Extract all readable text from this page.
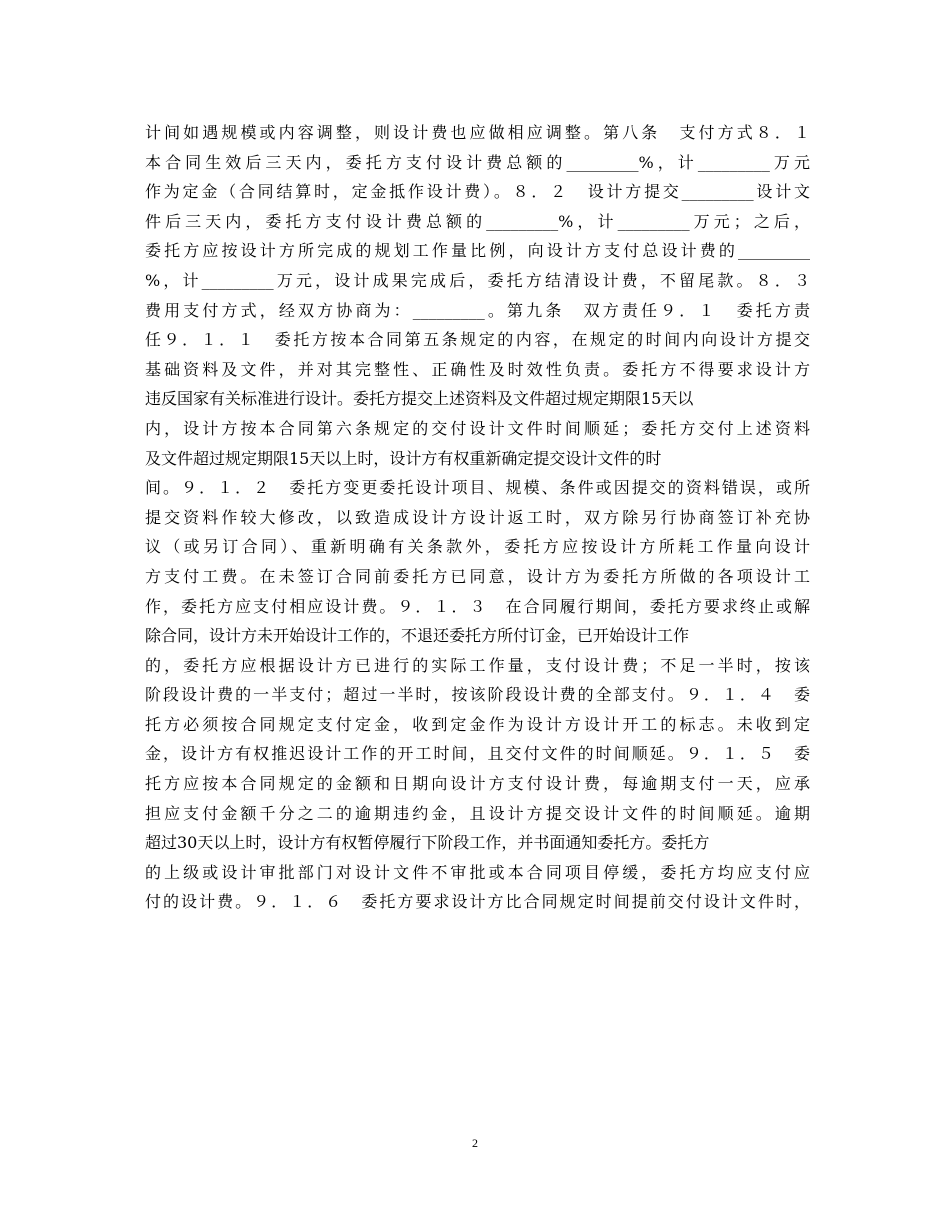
计间如遇规模或内容调整，则设计费也应做相应调整。第八条　支付方式８．１
本合同生效后三天内，委托方支付设计费总额的_________%，计_________万元
作为定金（合同结算时，定金抵作设计费）。８．２　设计方提交_________设计文
件后三天内，委托方支付设计费总额的_________%，计_________万元；之后，
委托方应按设计方所完成的规划工作量比例，向设计方支付总设计费的_________
%，计_________万元，设计成果完成后，委托方结清设计费，不留尾款。８．３
费用支付方式，经双方协商为：_________。第九条　双方责任９．１　委托方责
任９．１．１　委托方按本合同第五条规定的内容，在规定的时间内向设计方提交
基础资料及文件，并对其完整性、正确性及时效性负责。委托方不得要求设计方
违反国家有关标准进行设计。委托方提交上述资料及文件超过规定期限15天以
内，设计方按本合同第六条规定的交付设计文件时间顺延；委托方交付上述资料
及文件超过规定期限15天以上时，设计方有权重新确定提交设计文件的时
间。９．１．２　委托方变更委托设计项目、规模、条件或因提交的资料错误，或所
提交资料作较大修改，以致造成设计方设计返工时，双方除另行协商签订补充协
议（或另订合同）、重新明确有关条款外，委托方应按设计方所耗工作量向设计
方支付工费。在未签订合同前委托方已同意，设计方为委托方所做的各项设计工
作，委托方应支付相应设计费。９．１．３　在合同履行期间，委托方要求终止或解
除合同，设计方未开始设计工作的，不退还委托方所付订金，已开始设计工作
的，委托方应根据设计方已进行的实际工作量，支付设计费；不足一半时，按该
阶段设计费的一半支付；超过一半时，按该阶段设计费的全部支付。９．１．４　委
托方必须按合同规定支付定金，收到定金作为设计方设计开工的标志。未收到定
金，设计方有权推迟设计工作的开工时间，且交付文件的时间顺延。９．１．５　委
托方应按本合同规定的金额和日期向设计方支付设计费，每逾期支付一天，应承
担应支付金额千分之二的逾期违约金，且设计方提交设计文件的时间顺延。逾期
超过30天以上时，设计方有权暂停履行下阶段工作，并书面通知委托方。委托方
的上级或设计审批部门对设计文件不审批或本合同项目停缓，委托方均应支付应
付的设计费。９．１．６　委托方要求设计方比合同规定时间提前交付设计文件时，
2
